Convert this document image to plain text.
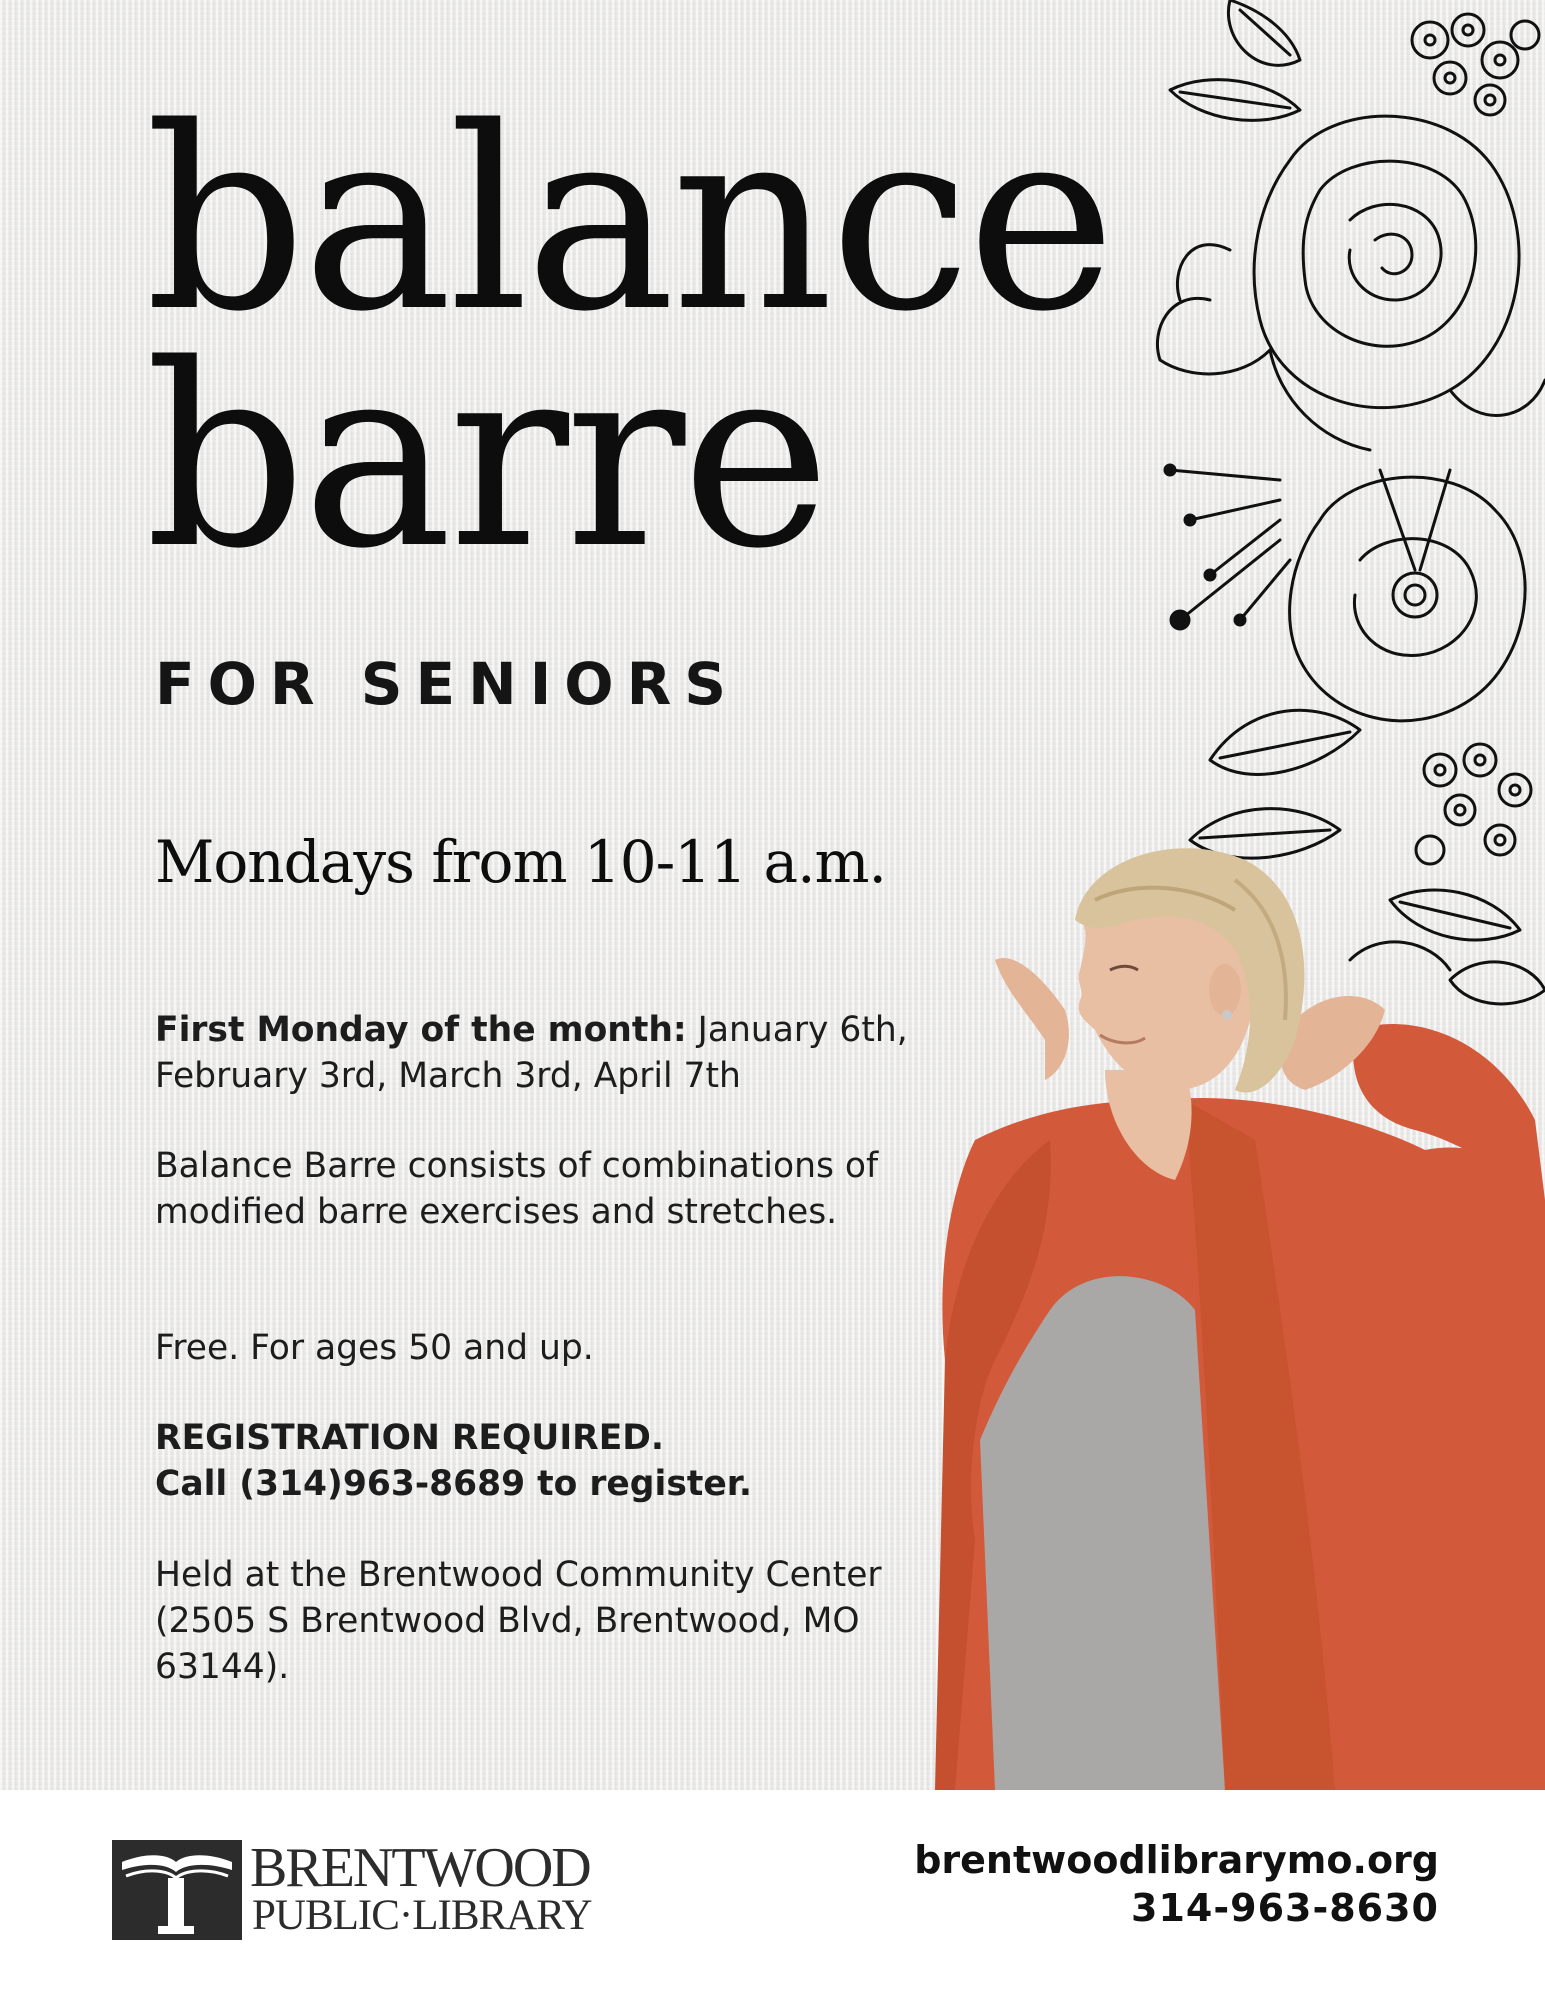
balance
barre
FOR SENIORS
Mondays from 10-11 a.m.
First Monday of the month: January 6th, February 3rd, March 3rd, April 7th
Balance Barre consists of combinations of modified barre exercises and stretches.
Free. For ages 50 and up.
REGISTRATION REQUIRED.
Call (314)963-8689 to register.
Held at the Brentwood Community Center (2505 S Brentwood Blvd, Brentwood, MO 63144).
BRENTWOOD
PUBLIC·LIBRARY
brentwoodlibrarymo.org
314-963-8630
